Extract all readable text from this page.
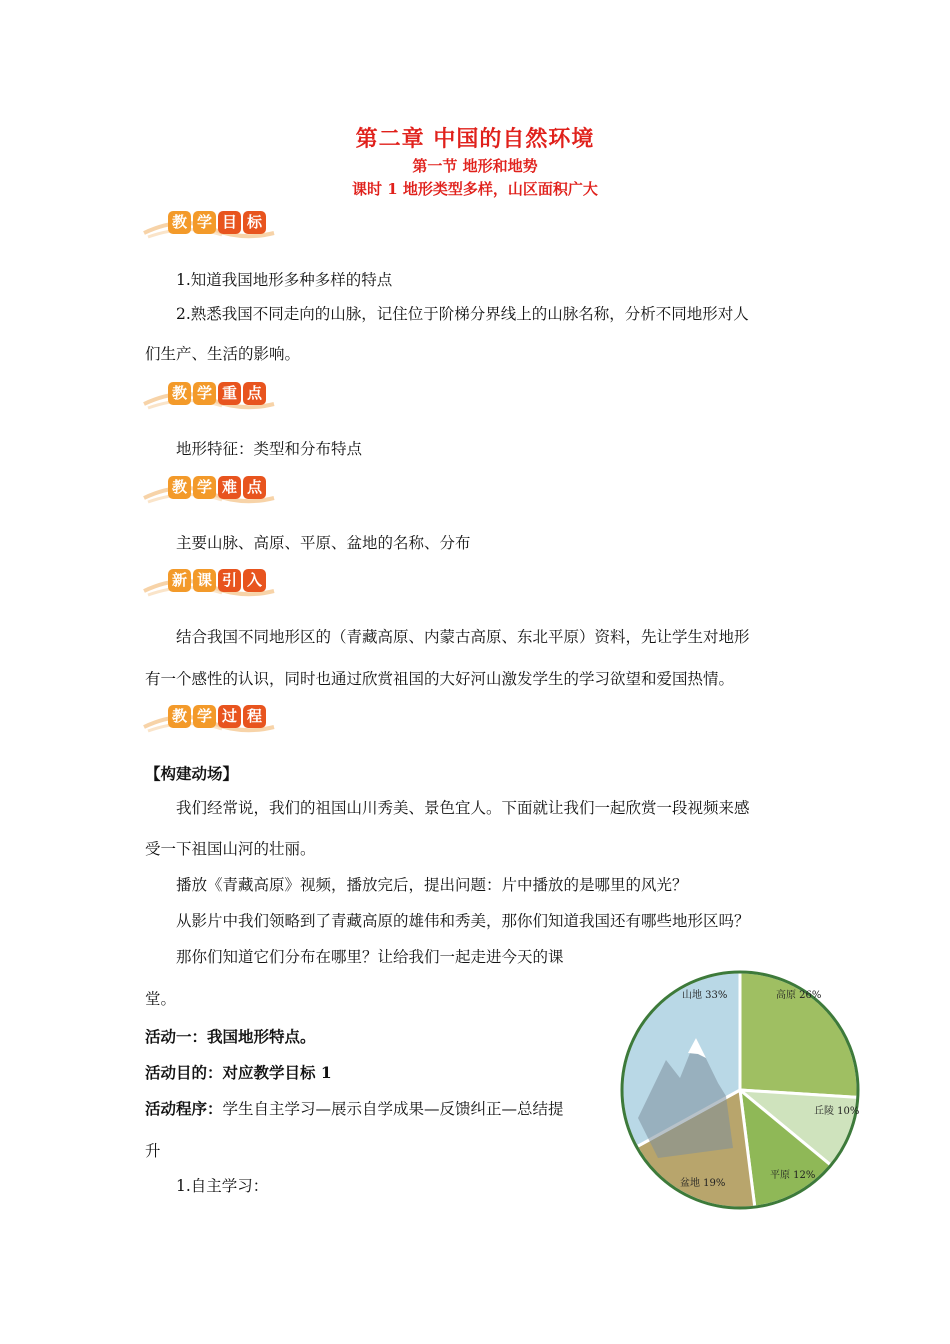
第二章 中国的自然环境
第一节 地形和地势
课时 1 地形类型多样，山区面积广大
教 学 目 标
1.知道我国地形多种多样的特点
2.熟悉我国不同走向的山脉，记住位于阶梯分界线上的山脉名称，分析不同地形对人
们生产、生活的影响。
教 学 重 点
地形特征：类型和分布特点
教 学 难 点
主要山脉、高原、平原、盆地的名称、分布
新 课 引 入
结合我国不同地形区的（青藏高原、内蒙古高原、东北平原）资料，先让学生对地形
有一个感性的认识，同时也通过欣赏祖国的大好河山激发学生的学习欲望和爱国热情。
教 学 过 程
【构建动场】
我们经常说，我们的祖国山川秀美、景色宜人。下面就让我们一起欣赏一段视频来感
受一下祖国山河的壮丽。
播放《青藏高原》视频，播放完后，提出问题：片中播放的是哪里的风光？
从影片中我们领略到了青藏高原的雄伟和秀美，那你们知道我国还有哪些地形区吗？
那你们知道它们分布在哪里？让给我们一起走进今天的课
堂。
活动一：我国地形特点。
活动目的：对应教学目标 1
活动程序：学生自主学习—展示自学成果—反馈纠正—总结提
升
1.自主学习：
山地 33%	高原 26%
丘陵 10%
平原 12%
盆地 19%
